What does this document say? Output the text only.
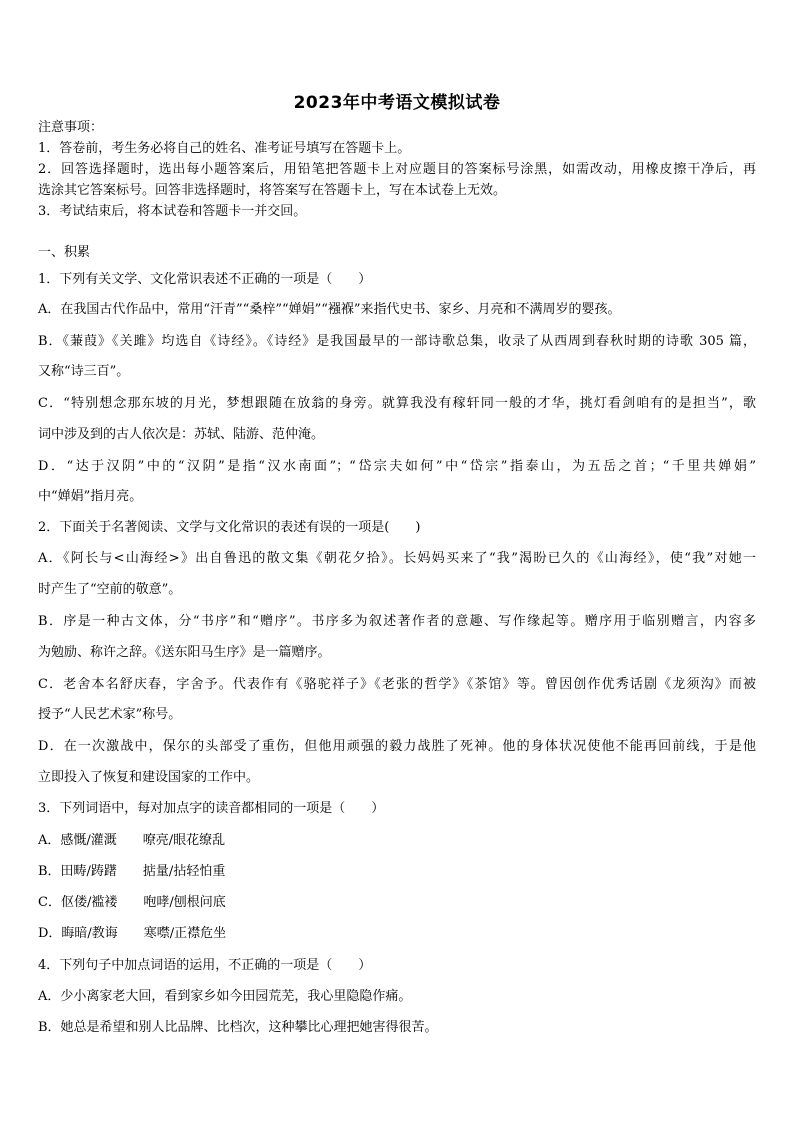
2023年中考语文模拟试卷
注意事项：
1．答卷前，考生务必将自己的姓名、准考证号填写在答题卡上。
2．回答选择题时，选出每小题答案后，用铅笔把答题卡上对应题目的答案标号涂黑，如需改动，用橡皮擦干净后，再
选涂其它答案标号。回答非选择题时，将答案写在答题卡上，写在本试卷上无效。
3．考试结束后，将本试卷和答题卡一并交回。
一、积累
1．下列有关文学、文化常识表述不正确的一项是（　　）
A．在我国古代作品中，常用“汗青”“桑梓”“婵娟”“襁褓”来指代史书、家乡、月亮和不满周岁的婴孩。
B．《蒹葭》《关雎》均选自《诗经》。《诗经》是我国最早的一部诗歌总集，收录了从西周到春秋时期的诗歌 305 篇，
又称“诗三百”。
C．“特别想念那东坡的月光，梦想跟随在放翁的身旁。就算我没有稼轩同一般的才华，挑灯看剑咱有的是担当”，歌
词中涉及到的古人依次是：苏轼、陆游、范仲淹。
D．“达于汉阴”中的“汉阴”是指“汉水南面”；“岱宗夫如何”中“岱宗”指泰山，为五岳之首；“千里共婵娟”
中“婵娟”指月亮。
2．下面关于名著阅读、文学与文化常识的表述有误的一项是(　　)
A．《阿长与<山海经>》出自鲁迅的散文集《朝花夕拾》。长妈妈买来了“我”渴盼已久的《山海经》，使“我”对她一
时产生了“空前的敬意”。
B．序是一种古文体，分“书序”和“赠序”。书序多为叙述著作者的意趣、写作缘起等。赠序用于临别赠言，内容多
为勉励、称许之辞。《送东阳马生序》是一篇赠序。
C．老舍本名舒庆春，字舍予。代表作有《骆驼祥子》《老张的哲学》《茶馆》等。曾因创作优秀话剧《龙须沟》而被
授予“人民艺术家”称号。
D．在一次激战中，保尔的头部受了重伤，但他用顽强的毅力战胜了死神。他的身体状况使他不能再回前线，于是他
立即投入了恢复和建设国家的工作中。
3．下列词语中，每对加点字的读音都相同的一项是（　　）
A．感慨/灌溉　　嘹亮/眼花缭乱
B．田畴/踌躇　　掂量/拈轻怕重
C．伛偻/褴褛　　咆哮/刨根问底
D．晦暗/教诲　　寒噤/正襟危坐
4．下列句子中加点词语的运用，不正确的一项是（　　）
A．少小离家老大回，看到家乡如今田园荒芜，我心里隐隐作痛。
B．她总是希望和别人比品牌、比档次，这种攀比心理把她害得很苦。
